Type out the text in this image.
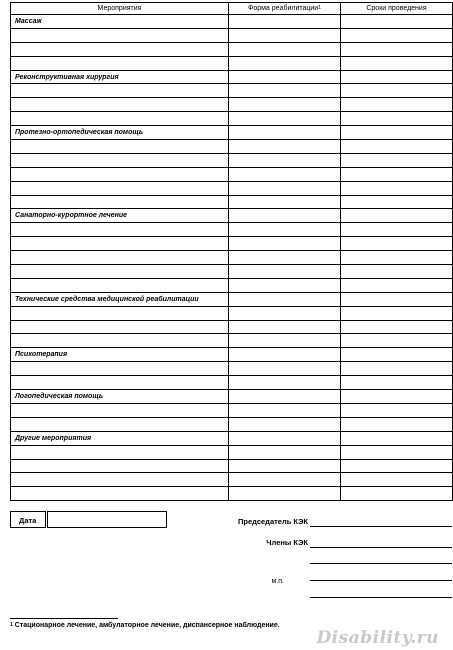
Мероприятия	Форма реабилитации$^1$	Сроки проведения
Массаж		

Реконструктивная хирургия		

Протезно-ортопедическая помощь		

Санаторно-курортное лечение		

Технические средства медицинской реабилитации		

Психотерапия		

Логопедическая помощь		

Другие мероприятия		

Дата	Председатель КЭК
Члены КЭК
м.п.
$^1$ Стационарное лечение, амбулаторное лечение, диспансерное наблюдение.
Disability.ru
